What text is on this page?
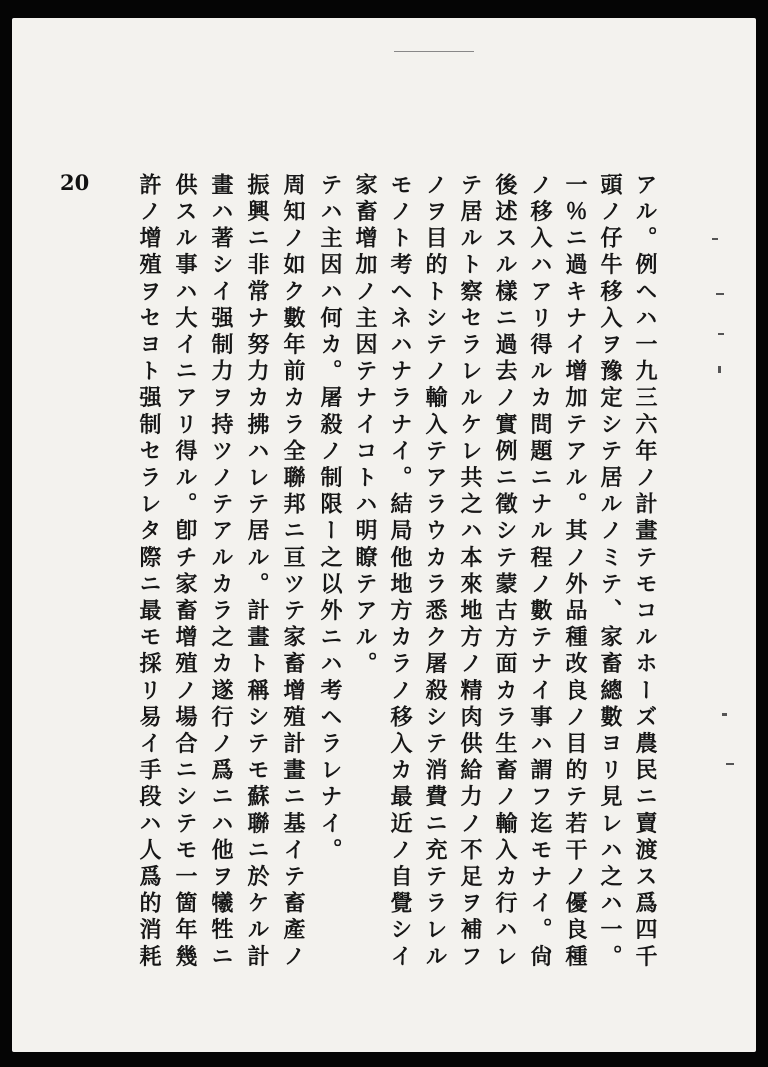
20	アル。例ヘハ一九三六年ノ計畫テモコルホーズ農民ニ賣渡ス爲四千
頭ノ仔牛移入ヲ豫定シテ居ルノミテ、家畜總數ヨリ見レハ之ハ一。
一％ニ過キナイ增加テアル。其ノ外品種改良ノ目的テ若干ノ優良種
ノ移入ハアリ得ルカ問題ニナル程ノ數テナイ事ハ謂フ迄モナイ。尙
後述スル樣ニ過去ノ實例ニ徵シテ蒙古方面カラ生畜ノ輸入カ行ハレ
テ居ルト察セラレルケレ共之ハ本來地方ノ精肉供給力ノ不足ヲ補フ
ノヲ目的トシテノ輸入テアラウカラ悉ク屠殺シテ消費ニ充テラレル
モノト考ヘネハナラナイ。結局他地方カラノ移入カ最近ノ自覺シイ
家畜增加ノ主因テナイコトハ明瞭テアル。
テハ主因ハ何カ。屠殺ノ制限ー之以外ニハ考ヘラレナイ。
周知ノ如ク數年前カラ全聯邦ニ亘ツテ家畜增殖計畫ニ基イテ畜產ノ
振興ニ非常ナ努力カ拂ハレテ居ル。計畫ト稱シテモ蘇聯ニ於ケル計
畫ハ著シイ强制力ヲ持ツノテアルカラ之カ遂行ノ爲ニハ他ヲ犧牲ニ
供スル事ハ大イニアリ得ル。卽チ家畜增殖ノ場合ニシテモ一箇年幾
許ノ增殖ヲセヨト强制セラレタ際ニ最モ採リ易イ手段ハ人爲的消耗
